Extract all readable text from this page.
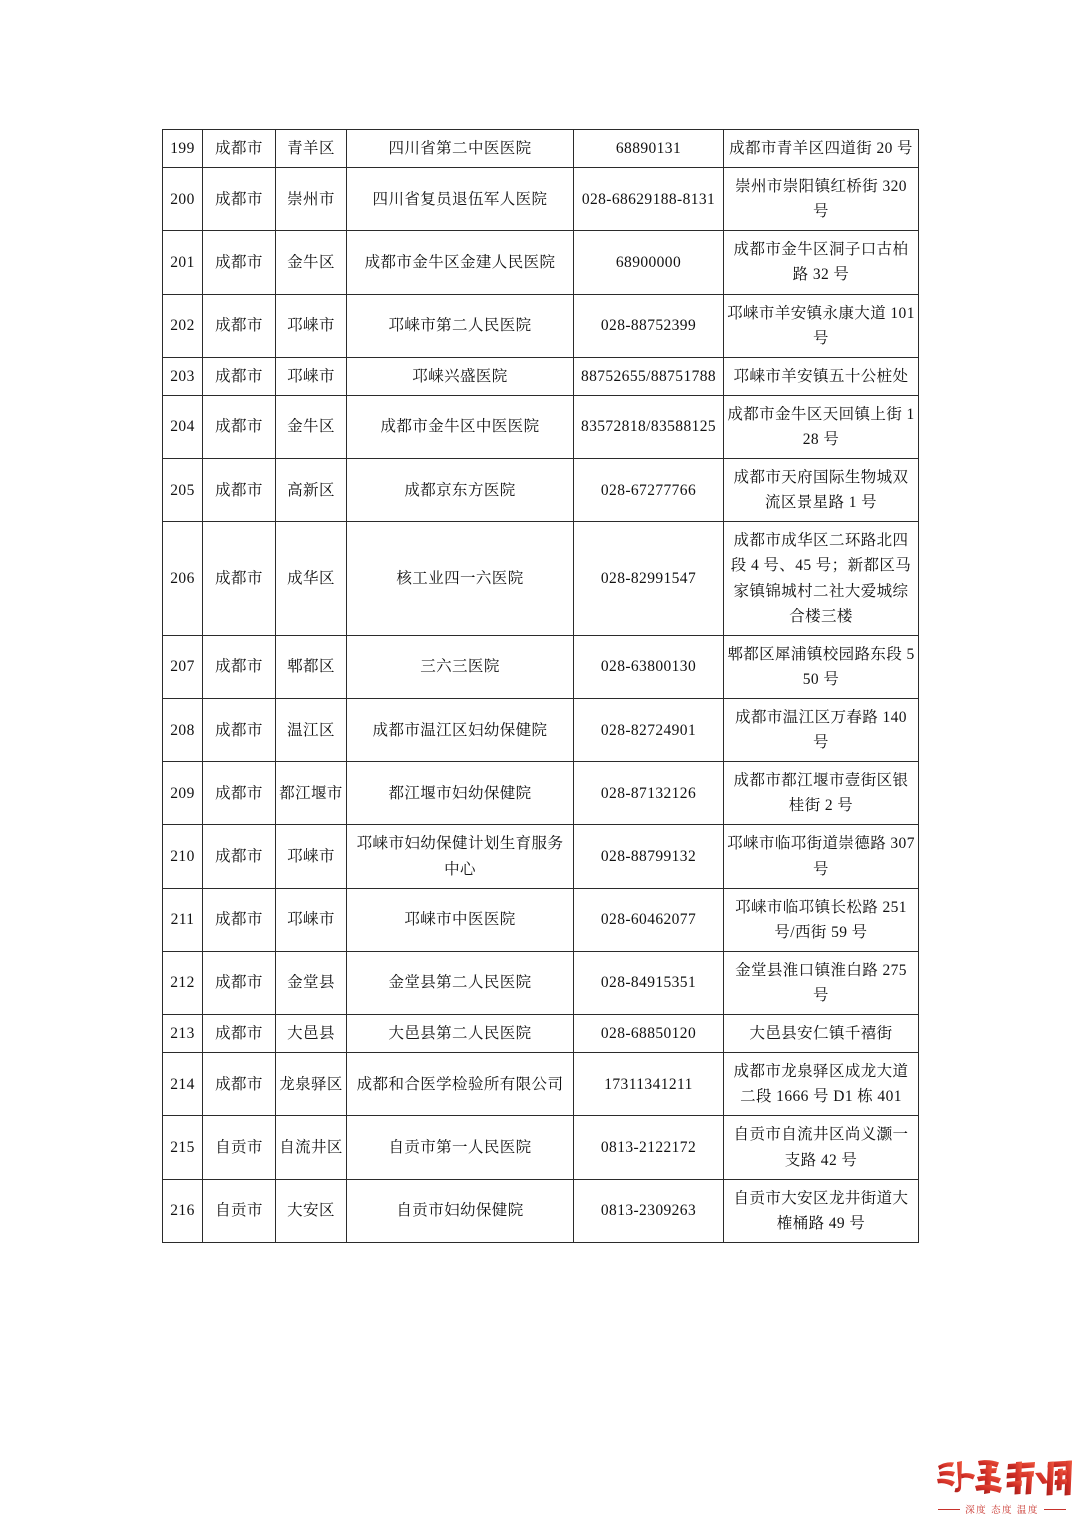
199	成都市	青羊区	四川省第二中医医院	68890131	成都市青羊区四道街 20 号
200	成都市	崇州市	四川省复员退伍军人医院	028-68629188-8131	崇州市崇阳镇红桥街 320 号
201	成都市	金牛区	成都市金牛区金建人民医院	68900000	成都市金牛区洞子口古柏路 32 号
202	成都市	邛崃市	邛崃市第二人民医院	028-88752399	邛崃市羊安镇永康大道 101 号
203	成都市	邛崃市	邛崃兴盛医院	88752655/88751788	邛崃市羊安镇五十公桩处
204	成都市	金牛区	成都市金牛区中医医院	83572818/83588125	成都市金牛区天回镇上街 128 号
205	成都市	高新区	成都京东方医院	028-67277766	成都市天府国际生物城双流区景星路 1 号
206	成都市	成华区	核工业四一六医院	028-82991547	成都市成华区二环路北四段 4 号、45 号；新都区马家镇锦城村二社大爱城综合楼三楼
207	成都市	郫都区	三六三医院	028-63800130	郫都区犀浦镇校园路东段 550 号
208	成都市	温江区	成都市温江区妇幼保健院	028-82724901	成都市温江区万春路 140 号
209	成都市	都江堰市	都江堰市妇幼保健院	028-87132126	成都市都江堰市壹街区银桂街 2 号
210	成都市	邛崃市	邛崃市妇幼保健计划生育服务中心	028-88799132	邛崃市临邛街道崇德路 307 号
211	成都市	邛崃市	邛崃市中医医院	028-60462077	邛崃市临邛镇长松路 251 号/西街 59 号
212	成都市	金堂县	金堂县第二人民医院	028-84915351	金堂县淮口镇淮白路 275 号
213	成都市	大邑县	大邑县第二人民医院	028-68850120	大邑县安仁镇千禧街
214	成都市	龙泉驿区	成都和合医学检验所有限公司	17311341211	成都市龙泉驿区成龙大道二段 1666 号 D1 栋 401
215	自贡市	自流井区	自贡市第一人民医院	0813-2122172	自贡市自流井区尚义灏一支路 42 号
216	自贡市	大安区	自贡市妇幼保健院	0813-2309263	自贡市大安区龙井街道大榷桶路 49 号
深度 态度 温度
